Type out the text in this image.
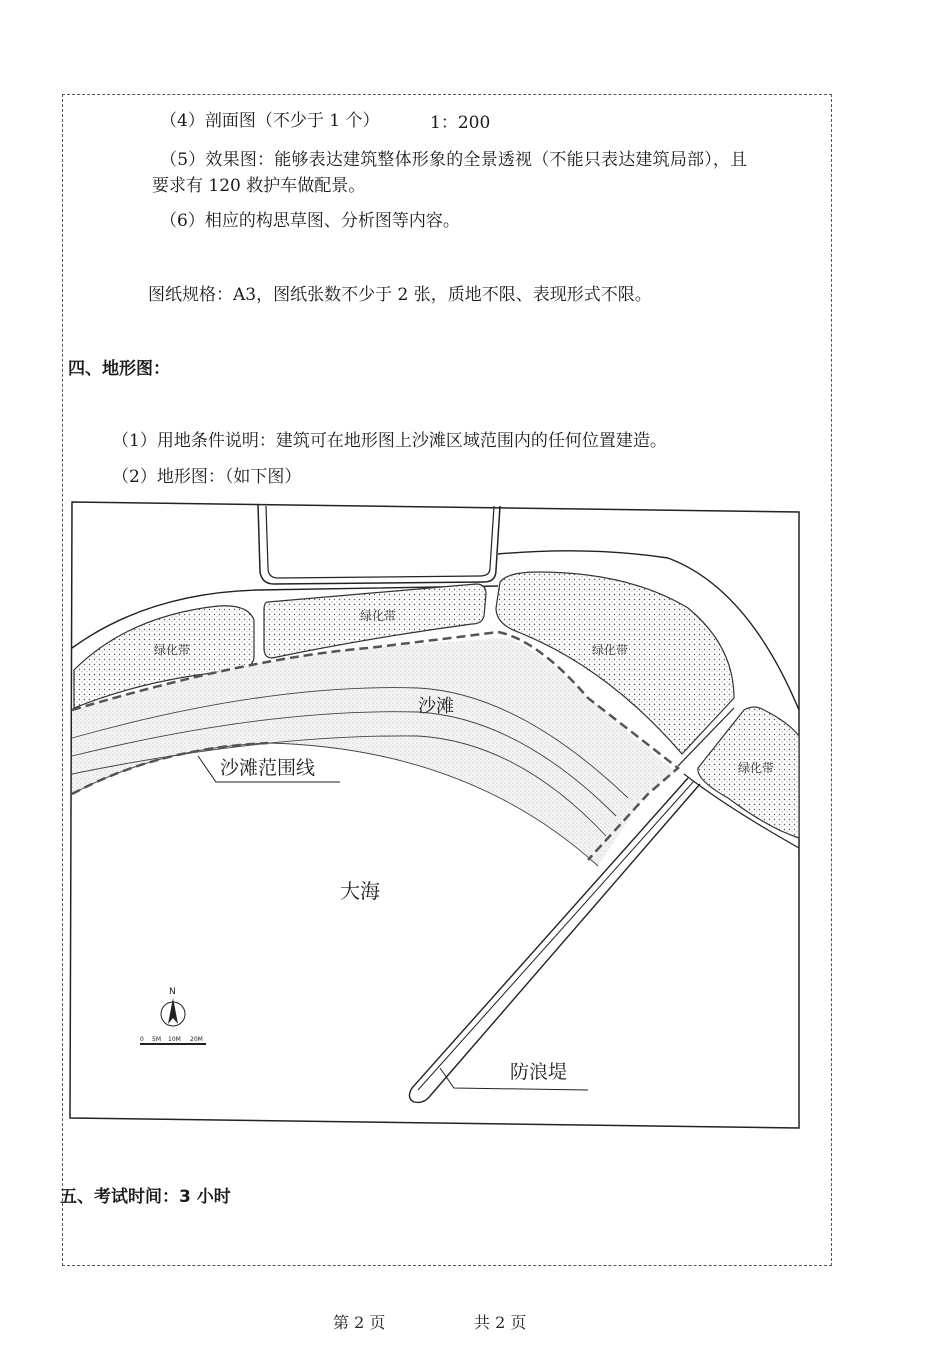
（4）剖面图（不少于 1 个）	1：200
（5）效果图：能够表达建筑整体形象的全景透视（不能只表达建筑局部），且
要求有 120 救护车做配景。
（6）相应的构思草图、分析图等内容。
图纸规格：A3，图纸张数不少于 2 张，质地不限、表现形式不限。
四、地形图：
（1）用地条件说明：建筑可在地形图上沙滩区域范围内的任何位置建造。
（2）地形图：（如下图）
绿化带
绿化带	绿化带
绿化带
沙滩
沙滩范围线
大海
防浪堤
N
0 5M 10M 20M
五、考试时间：3 小时
第 2 页	共 2 页
